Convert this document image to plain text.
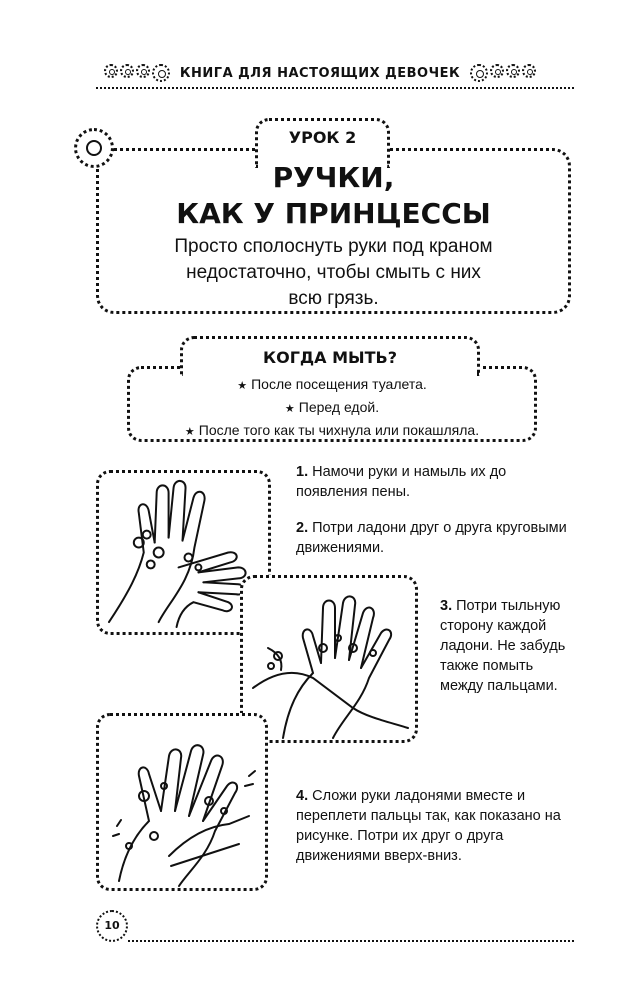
КНИГА ДЛЯ НАСТОЯЩИХ ДЕВОЧЕК
УРОК 2
РУЧКИ,
КАК У ПРИНЦЕССЫ
Просто сполоснуть руки под краном
недостаточно, чтобы смыть с них
всю грязь.
КОГДА МЫТЬ?
★ После посещения туалета.
★ Перед едой.
★ После того как ты чихнула или покашляла.
1. Намочи руки и намыль их до появления пены.
2. Потри ладони друг о друга круговыми движениями.
3. Потри тыльную сторону каждой ладони. Не забудь также помыть между пальцами.
4. Сложи руки ладонями вместе и переплети пальцы так, как показано на рисунке. Потри их друг о друга движениями вверх-вниз.
10
